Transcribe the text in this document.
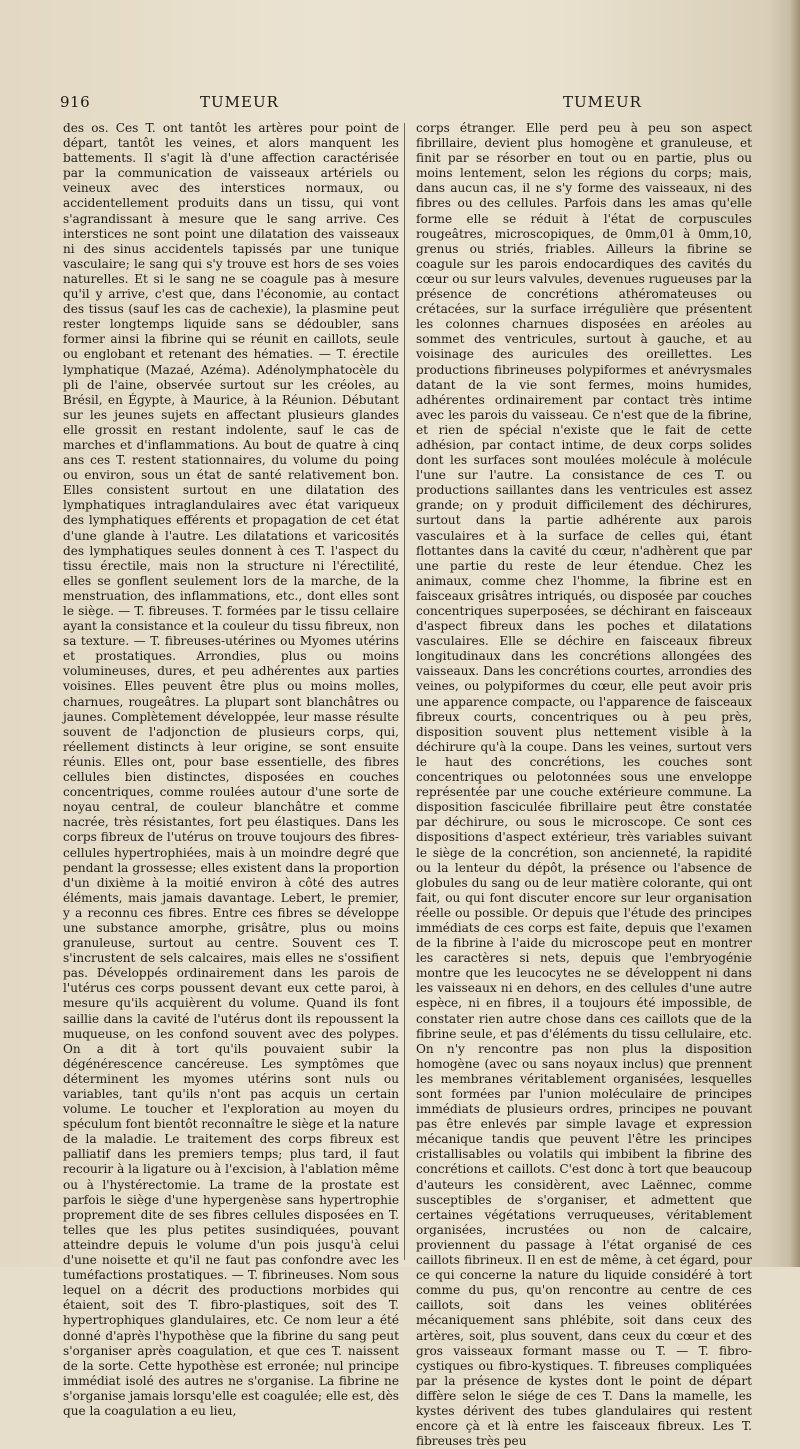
916	TUMEUR	TUMEUR

des os. Ces T. ont tantôt les artères pour point de départ, tantôt les veines, et alors manquent les battements. Il s'agit là d'une affection caractérisée par la communication de vaisseaux artériels ou veineux avec des interstices normaux, ou accidentellement produits dans un tissu, qui vont s'agrandissant à mesure que le sang arrive. Ces interstices ne sont point une dilatation des vaisseaux ni des sinus accidentels tapissés par une tunique vasculaire; le sang qui s'y trouve est hors de ses voies naturelles. Et si le sang ne se coagule pas à mesure qu'il y arrive, c'est que, dans l'économie, au contact des tissus (sauf les cas de cachexie), la plasmine peut rester longtemps liquide sans se dédoubler, sans former ainsi la fibrine qui se réunit en caillots, seule ou englobant et retenant des hématies. — T. érectile lymphatique (Mazaé, Azéma). Adénolymphatocèle du pli de l'aine, observée surtout sur les créoles, au Brésil, en Égypte, à Maurice, à la Réunion. Débutant sur les jeunes sujets en affectant plusieurs glandes elle grossit en restant indolente, sauf le cas de marches et d'inflammations. Au bout de quatre à cinq ans ces T. restent stationnaires, du volume du poing ou environ, sous un état de santé relativement bon. Elles consistent surtout en une dilatation des lymphatiques intraglandulaires avec état variqueux des lymphatiques efférents et propagation de cet état d'une glande à l'autre. Les dilatations et varicosités des lymphatiques seules donnent à ces T. l'aspect du tissu érectile, mais non la structure ni l'érectilité, elles se gonflent seulement lors de la marche, de la menstruation, des inflammations, etc., dont elles sont le siège. — T. fibreuses. T. formées par le tissu cellaire ayant la consistance et la couleur du tissu fibreux, non sa texture. — T. fibreuses-utérines ou Myomes utérins et prostatiques. Arrondies, plus ou moins volumineuses, dures, et peu adhérentes aux parties voisines. Elles peuvent être plus ou moins molles, charnues, rougeâtres. La plupart sont blanchâtres ou jaunes. Complètement développée, leur masse résulte souvent de l'adjonction de plusieurs corps, qui, réellement distincts à leur origine, se sont ensuite réunis. Elles ont, pour base essentielle, des fibres cellules bien distinctes, disposées en couches concentriques, comme roulées autour d'une sorte de noyau central, de couleur blanchâtre et comme nacrée, très résistantes, fort peu élastiques. Dans les corps fibreux de l'utérus on trouve toujours des fibres-cellules hypertrophiées, mais à un moindre degré que pendant la grossesse; elles existent dans la proportion d'un dixième à la moitié environ à côté des autres éléments, mais jamais davantage. Lebert, le premier, y a reconnu ces fibres. Entre ces fibres se développe une substance amorphe, grisâtre, plus ou moins granuleuse, surtout au centre. Souvent ces T. s'incrustent de sels calcaires, mais elles ne s'ossifient pas. Développés ordinairement dans les parois de l'utérus ces corps poussent devant eux cette paroi, à mesure qu'ils acquièrent du volume. Quand ils font saillie dans la cavité de l'utérus dont ils repoussent la muqueuse, on les confond souvent avec des polypes. On a dit à tort qu'ils pouvaient subir la dégénérescence cancéreuse. Les symptômes que déterminent les myomes utérins sont nuls ou variables, tant qu'ils n'ont pas acquis un certain volume. Le toucher et l'exploration au moyen du spéculum font bientôt reconnaître le siège et la nature de la maladie. Le traitement des corps fibreux est palliatif dans les premiers temps; plus tard, il faut recourir à la ligature ou à l'excision, à l'ablation même ou à l'hystérectomie. La trame de la prostate est parfois le siège d'une hypergenèse sans hypertrophie proprement dite de ses fibres cellules disposées en T. telles que les plus petites susindiquées, pouvant atteindre depuis le volume d'un pois jusqu'à celui d'une noisette et qu'il ne faut pas confondre avec les tuméfactions prostatiques. — T. fibrineuses. Nom sous lequel on a décrit des productions morbides qui étaient, soit des T. fibro-plastiques, soit des T. hypertrophiques glandulaires, etc. Ce nom leur a été donné d'après l'hypothèse que la fibrine du sang peut s'organiser après coagulation, et que ces T. naissent de la sorte. Cette hypothèse est erronée; nul principe immédiat isolé des autres ne s'organise. La fibrine ne s'organise jamais lorsqu'elle est coagulée; elle est, dès que la coagulation a eu lieu,

corps étranger. Elle perd peu à peu son aspect fibrillaire, devient plus homogène et granuleuse, et finit par se résorber en tout ou en partie, plus ou moins lentement, selon les régions du corps; mais, dans aucun cas, il ne s'y forme des vaisseaux, ni des fibres ou des cellules. Parfois dans les amas qu'elle forme elle se réduit à l'état de corpuscules rougeâtres, microscopiques, de 0mm,01 à 0mm,10, grenus ou striés, friables. Ailleurs la fibrine se coagule sur les parois endocardiques des cavités du cœur ou sur leurs valvules, devenues rugueuses par la présence de concrétions athéromateuses ou crétacées, sur la surface irrégulière que présentent les colonnes charnues disposées en aréoles au sommet des ventricules, surtout à gauche, et au voisinage des auricules des oreillettes. Les productions fibrineuses polypiformes et anévrysmales datant de la vie sont fermes, moins humides, adhérentes ordinairement par contact très intime avec les parois du vaisseau. Ce n'est que de la fibrine, et rien de spécial n'existe que le fait de cette adhésion, par contact intime, de deux corps solides dont les surfaces sont moulées molécule à molécule l'une sur l'autre. La consistance de ces T. ou productions saillantes dans les ventricules est assez grande; on y produit difficilement des déchirures, surtout dans la partie adhérente aux parois vasculaires et à la surface de celles qui, étant flottantes dans la cavité du cœur, n'adhèrent que par une partie du reste de leur étendue. Chez les animaux, comme chez l'homme, la fibrine est en faisceaux grisâtres intriqués, ou disposée par couches concentriques superposées, se déchirant en faisceaux d'aspect fibreux dans les poches et dilatations vasculaires. Elle se déchire en faisceaux fibreux longitudinaux dans les concrétions allongées des vaisseaux. Dans les concrétions courtes, arrondies des veines, ou polypiformes du cœur, elle peut avoir pris une apparence compacte, ou l'apparence de faisceaux fibreux courts, concentriques ou à peu près, disposition souvent plus nettement visible à la déchirure qu'à la coupe. Dans les veines, surtout vers le haut des concrétions, les couches sont concentriques ou pelotonnées sous une enveloppe représentée par une couche extérieure commune. La disposition fasciculée fibrillaire peut être constatée par déchirure, ou sous le microscope. Ce sont ces dispositions d'aspect extérieur, très variables suivant le siège de la concrétion, son ancienneté, la rapidité ou la lenteur du dépôt, la présence ou l'absence de globules du sang ou de leur matière colorante, qui ont fait, ou qui font discuter encore sur leur organisation réelle ou possible. Or depuis que l'étude des principes immédiats de ces corps est faite, depuis que l'examen de la fibrine à l'aide du microscope peut en montrer les caractères si nets, depuis que l'embryogénie montre que les leucocytes ne se développent ni dans les vaisseaux ni en dehors, en des cellules d'une autre espèce, ni en fibres, il a toujours été impossible, de constater rien autre chose dans ces caillots que de la fibrine seule, et pas d'éléments du tissu cellulaire, etc. On n'y rencontre pas non plus la disposition homogène (avec ou sans noyaux inclus) que prennent les membranes véritablement organisées, lesquelles sont formées par l'union moléculaire de principes immédiats de plusieurs ordres, principes ne pouvant pas être enlevés par simple lavage et expression mécanique tandis que peuvent l'être les principes cristallisables ou volatils qui imbibent la fibrine des concrétions et caillots. C'est donc à tort que beaucoup d'auteurs les considèrent, avec Laënnec, comme susceptibles de s'organiser, et admettent que certaines végétations verruqueuses, véritablement organisées, incrustées ou non de calcaire, proviennent du passage à l'état organisé de ces caillots fibrineux. Il en est de même, à cet égard, pour ce qui concerne la nature du liquide considéré à tort comme du pus, qu'on rencontre au centre de ces caillots, soit dans les veines oblitérées mécaniquement sans phlébite, soit dans ceux des artères, soit, plus souvent, dans ceux du cœur et des gros vaisseaux formant masse ou T. — T. fibro-cystiques ou fibro-kystiques. T. fibreuses compliquées par la présence de kystes dont le point de départ diffère selon le siége de ces T. Dans la mamelle, les kystes dérivent des tubes glandulaires qui restent encore çà et là entre les faisceaux fibreux. Les T. fibreuses très peu
